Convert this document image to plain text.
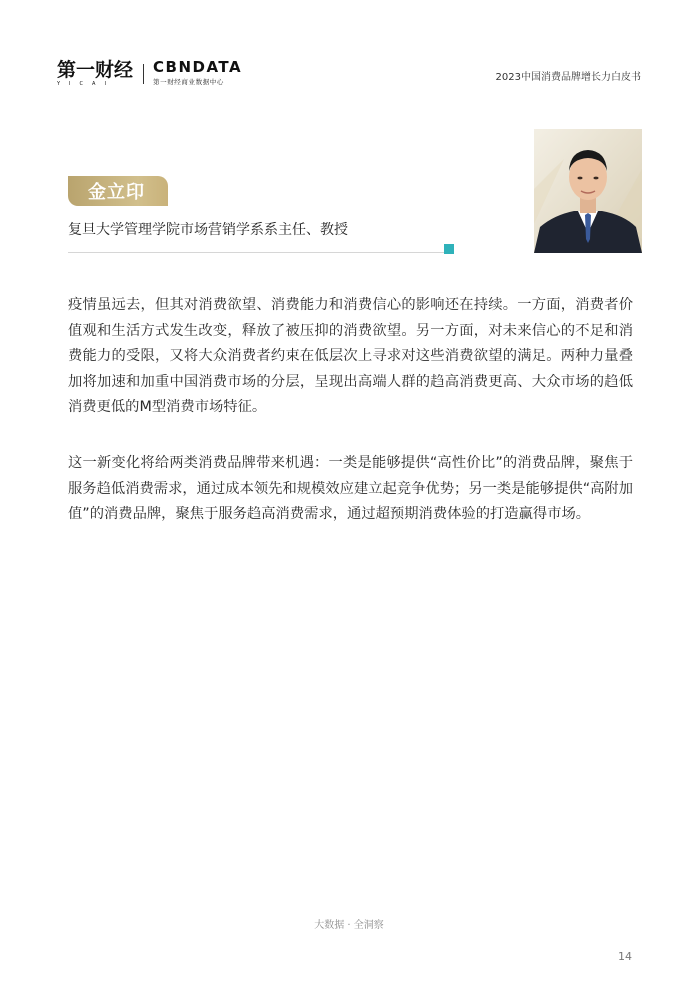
第一财经
YICAI
CBNDATA
第一财经商业数据中心	2023中国消费品牌增长力白皮书
金立印
复旦大学管理学院市场营销学系系主任、教授
疫情虽远去，但其对消费欲望、消费能力和消费信心的影响还在持续。一方面，消费者价值观和生活方式发生改变，释放了被压抑的消费欲望。另一方面，对未来信心的不足和消费能力的受限，又将大众消费者约束在低层次上寻求对这些消费欲望的满足。两种力量叠加将加速和加重中国消费市场的分层，呈现出高端人群的趋高消费更高、大众市场的趋低消费更低的M型消费市场特征。
这一新变化将给两类消费品牌带来机遇：一类是能够提供“高性价比”的消费品牌，聚焦于服务趋低消费需求，通过成本领先和规模效应建立起竞争优势；另一类是能够提供“高附加值”的消费品牌，聚焦于服务趋高消费需求，通过超预期消费体验的打造赢得市场。
大数据 · 全洞察
14
